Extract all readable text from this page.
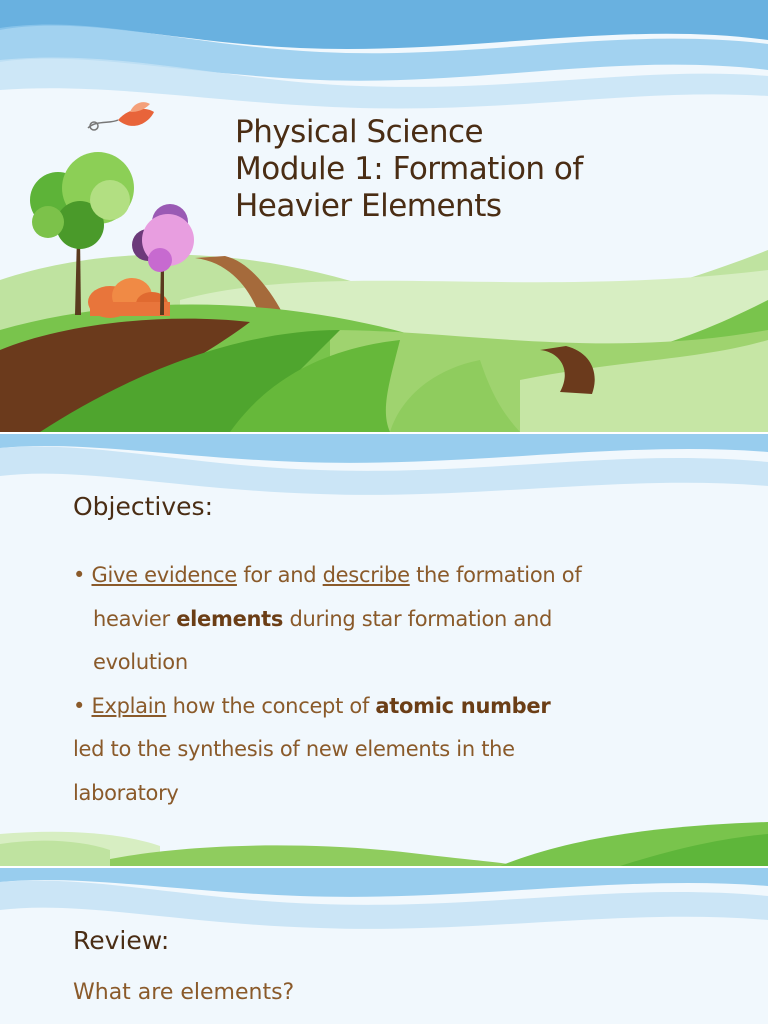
Physical Science
Module 1: Formation of
Heavier Elements
Objectives:
• Give evidence for and describe the formation of
heavier elements during star formation and
evolution
• Explain how the concept of atomic number
led to the synthesis of new elements in the
laboratory
Review:
What are elements?
